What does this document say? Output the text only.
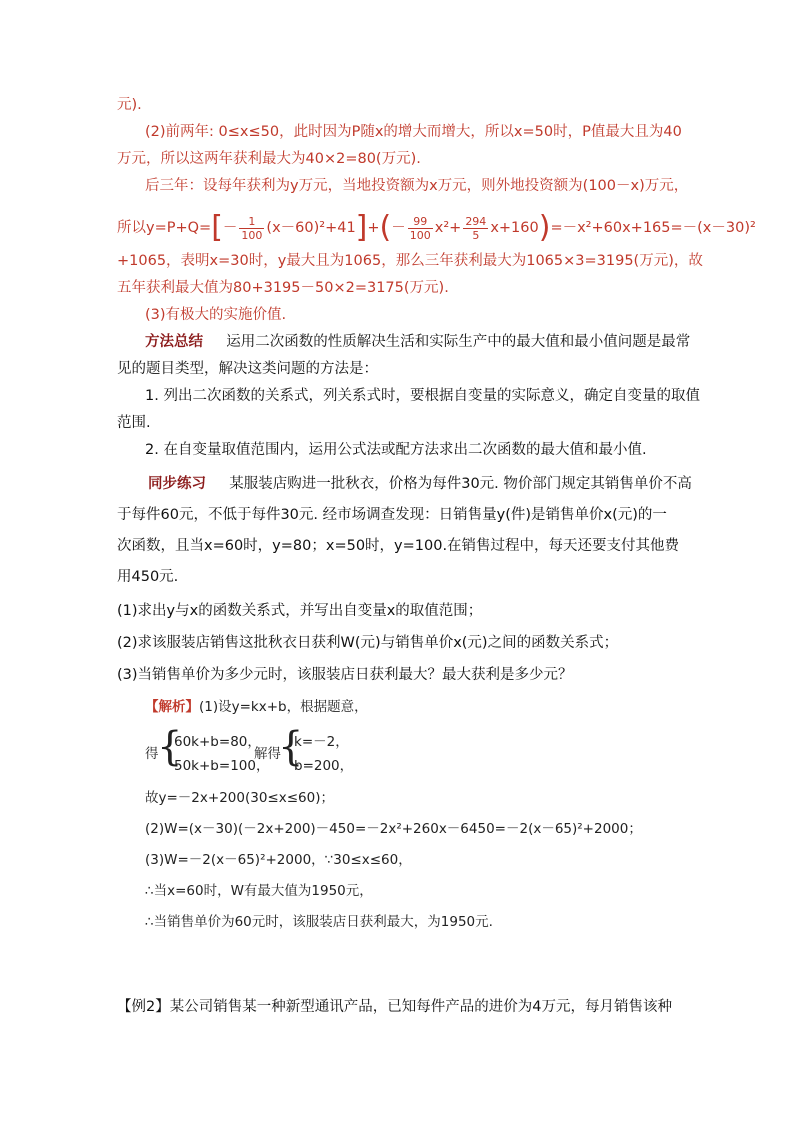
元).
(2)前两年: 0≤x≤50，此时因为P随x的增大而增大，所以x=50时，P值最大且为40
万元，所以这两年获利最大为40×2=80(万元).
后三年：设每年获利为y万元，当地投资额为x万元，则外地投资额为(100－x)万元，
所以y=P+Q= [ － $\frac{1}{100} (x-60)^2+41$ ] + ( － $\frac{99}{100} x^2+ \frac{294}{5} x+160$ ) =－x²+60x+165=－(x－30)²
+1065，表明x=30时，y最大且为1065，那么三年获利最大为1065×3=3195(万元)，故
五年获利最大值为80+3195－50×2=3175(万元).
(3)有极大的实施价值.
方法总结 运用二次函数的性质解决生活和实际生产中的最大值和最小值问题是最常
见的题目类型，解决这类问题的方法是：
1. 列出二次函数的关系式，列关系式时，要根据自变量的实际意义，确定自变量的取值
范围.
2. 在自变量取值范围内，运用公式法或配方法求出二次函数的最大值和最小值.
同步练习 某服装店购进一批秋衣，价格为每件30元. 物价部门规定其销售单价不高
于每件60元，不低于每件30元. 经市场调查发现：日销售量y(件)是销售单价x(元)的一
次函数，且当x=60时，y=80；x=50时，y=100.在销售过程中，每天还要支付其他费
用450元.
(1)求出y与x的函数关系式，并写出自变量x的取值范围；
(2)求该服装店销售这批秋衣日获利W(元)与销售单价x(元)之间的函数关系式；
(3)当销售单价为多少元时，该服装店日获利最大？最大获利是多少元？
【解析】(1)设y=kx+b，根据题意，
得
{
60k+b=80，
50k+b=100，
解得
{
k=－2，
b=200，
故y=－2x+200(30≤x≤60)；
(2)W=(x－30)(－2x+200)－450=－2x²+260x－6450=－2(x－65)²+2000；
(3)W=－2(x－65)²+2000，∵30≤x≤60，
∴当x=60时，W有最大值为1950元，
∴当销售单价为60元时，该服装店日获利最大，为1950元.
【例2】某公司销售某一种新型通讯产品，已知每件产品的进价为4万元，每月销售该种
